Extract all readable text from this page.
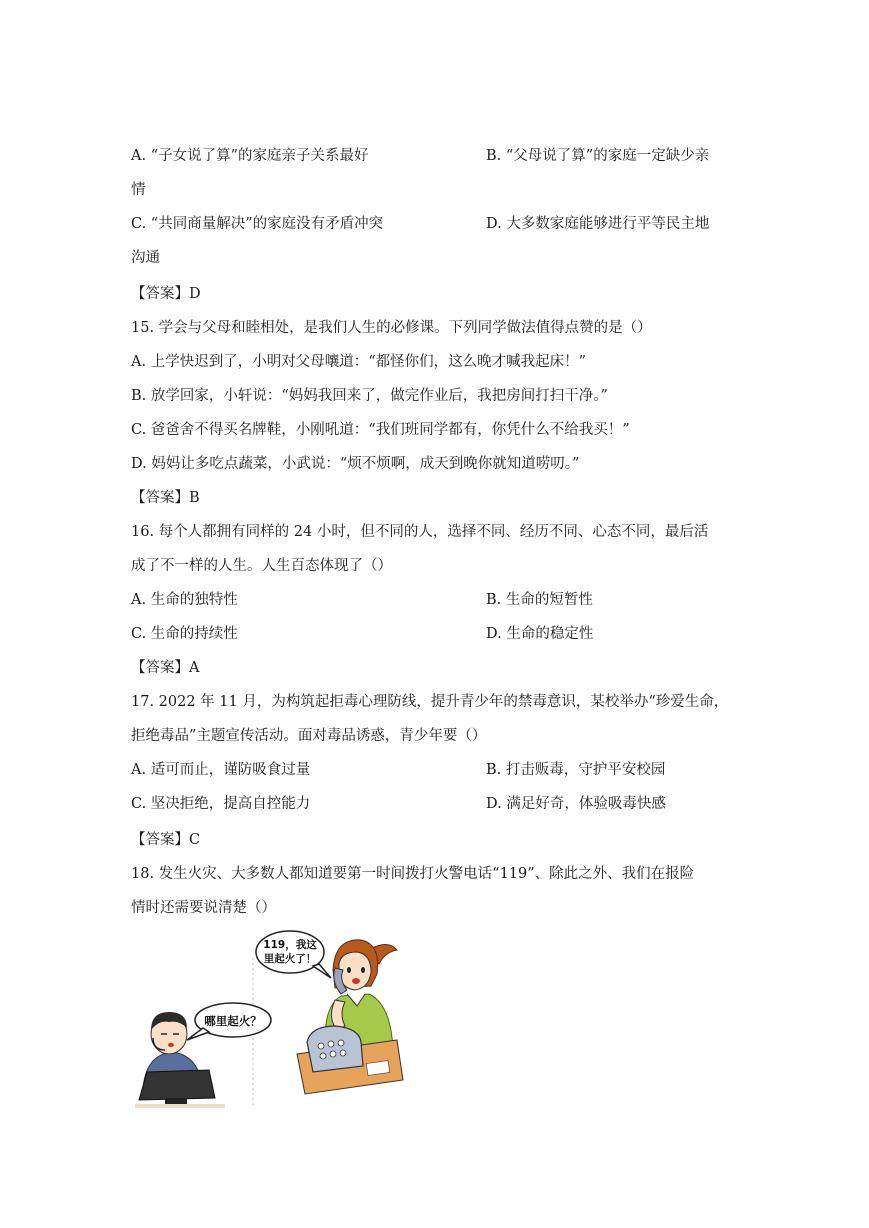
A. “子女说了算”的家庭亲子关系最好	B. “父母说了算”的家庭一定缺少亲
情
C. “共同商量解决”的家庭没有矛盾冲突	D. 大多数家庭能够进行平等民主地
沟通
【答案】D
15. 学会与父母和睦相处，是我们人生的必修课。下列同学做法值得点赞的是（）
A. 上学快迟到了，小明对父母嚷道：“都怪你们，这么晚才喊我起床！”
B. 放学回家，小轩说：“妈妈我回来了，做完作业后，我把房间打扫干净。”
C. 爸爸舍不得买名牌鞋，小刚吼道：“我们班同学都有，你凭什么不给我买！”
D. 妈妈让多吃点蔬菜，小武说：“烦不烦啊，成天到晚你就知道唠叨。”
【答案】B
16. 每个人都拥有同样的 24 小时，但不同的人，选择不同、经历不同、心态不同，最后活
成了不一样的人生。人生百态体现了（）
A. 生命的独特性	B. 生命的短暂性
C. 生命的持续性	D. 生命的稳定性
【答案】A
17. 2022 年 11 月，为构筑起拒毒心理防线，提升青少年的禁毒意识，某校举办“珍爱生命，
拒绝毒品”主题宣传活动。面对毒品诱惑，青少年要（）
A. 适可而止，谨防吸食过量	B. 打击贩毒，守护平安校园
C. 坚决拒绝，提高自控能力	D. 满足好奇，体验吸毒快感
【答案】C
18. 发生火灾、大多数人都知道要第一时间拨打火警电话“119”、除此之外、我们在报险
情时还需要说清楚（）
119，我这
里起火了！
哪里起火？
